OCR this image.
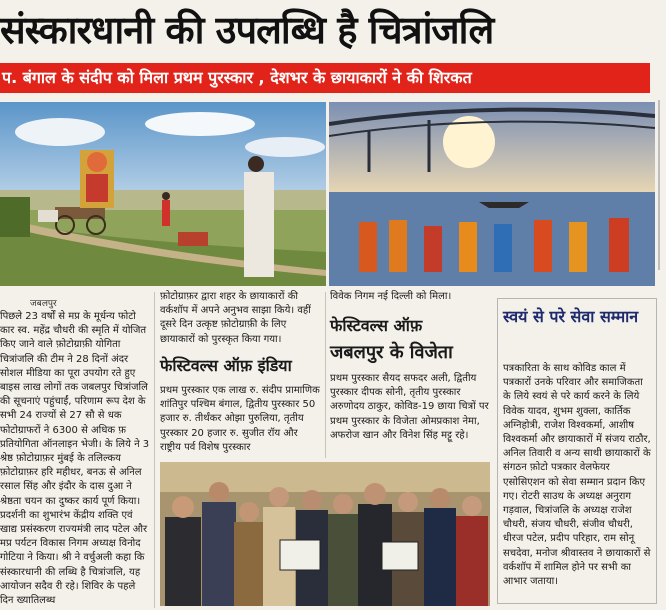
संस्कारधानी की उपलब्धि है चित्रांजलि
प. बंगाल के संदीप को मिला प्रथम पुरस्कार , देशभर के छायाकारों ने की शिरकत
जबलपुर
पिछले 23 वर्षों से मप्र के मूर्धन्य फोटो कार स्व. महेंद्र चौधरी की स्मृति में योजित किए जाने वाले फ़ोटोग्राफ़ी योगिता चित्रांजलि की टीम ने 28 दिनों अंदर सोशल मीडिया का पूरा उपयोग रते हुए बाइस लाख लोगों तक जबलपुर चित्रांजलि की सूचनाएं पहुंचाईं, परिणाम रूप देश के सभी 24 राज्यों से 27 सौ से धक फोटोग्राफरों ने 6300 से अधिक फ़ प्रतियोगिता ऑनलाइन भेजी। के लिये ने 3 श्रेष्ठ फ़ोटोग्राफ़र मुंबई के तलिल्कय फ़ोटोग्राफ़र हरि महीधर, बनऊ से अनिल रसाल सिंह और इंदौर के दास दुआ ने श्रेष्ठता चयन का दुष्कर कार्य पूर्ण किया। प्रदर्शनी का शुभारंभ केंद्रीय शक्ति एवं खाद्य प्रसंस्करण राज्यमंत्री लाद पटेल और मप्र पर्यटन विकास निगम अध्यक्ष विनोद गोटिया ने किया। श्री ने वर्चुअली कहा कि संस्कारधानी की लब्धि है चित्रांजलि, यह आयोजन सदैव री रहे। शिविर के पहले दिन ख्यातिलब्ध
फ़ोटोग्राफ़र द्वारा शहर के छायाकारों की वर्कशॉप में अपने अनुभव साझा किये। वहीं दूसरे दिन उत्कृष्ट फ़ोटोग्राफ़ी के लिए छायाकारों को पुरस्कृत किया गया।
फेस्टिवल्स ऑफ़ इंडिया
प्रथम पुरस्कार एक लाख रु. संदीप प्रामाणिक शांतिपुर पश्चिम बंगाल, द्वितीय पुरस्कार 50 हजार रु. तीर्थंकर ओझा पुरुलिया, तृतीय पुरस्कार 20 हजार रु. सुजीत रॉय और राष्ट्रीय पर्व विशेष पुरस्कार
विवेक निगम नई दिल्ली को मिला।
फेस्टिवल्स ऑफ़
जबलपुर के विजेता
प्रथम पुरस्कार सैयद सफदर अली, द्वितीय पुरस्कार दीपक सोनी, तृतीय पुरस्कार अरुणोदय ठाकुर, कोविड-19 छाया चित्रों पर प्रथम पुरस्कार के विजेता ओमप्रकाश नेमा, अफरोज खान और विनेश सिंह मट्टू रहे।
स्वयं से परे सेवा सम्मान
पत्रकारिता के साथ कोविड काल में पत्रकारों उनके परिवार और समाजिकता के लिये स्वयं से परे कार्य करने के लिये विवेक यादव, शुभम शुक्ला, कार्तिक अग्निहोत्री, राजेश विश्वकर्मा, आशीष विश्वकर्मा और छायाकारों में संजय राठौर, अनिल तिवारी व अन्य साथी छायाकारों के संगठन फ़ोटो पत्रकार वेलफेयर एसोसिएशन को सेवा सम्मान प्रदान किए गए। रोटरी साउथ के अध्यक्ष अनुराग गड़वाल, चित्रांजलि के अध्यक्ष राजेश चौधरी, संजय चौधरी, संजीव चौधरी, धीरज पटेल, प्रदीप परिहार, राम सोनू सचदेवा, मनोज श्रीवास्तव ने छायाकारों से वर्कशॉप में शामिल होने पर सभी का आभार जताया।
